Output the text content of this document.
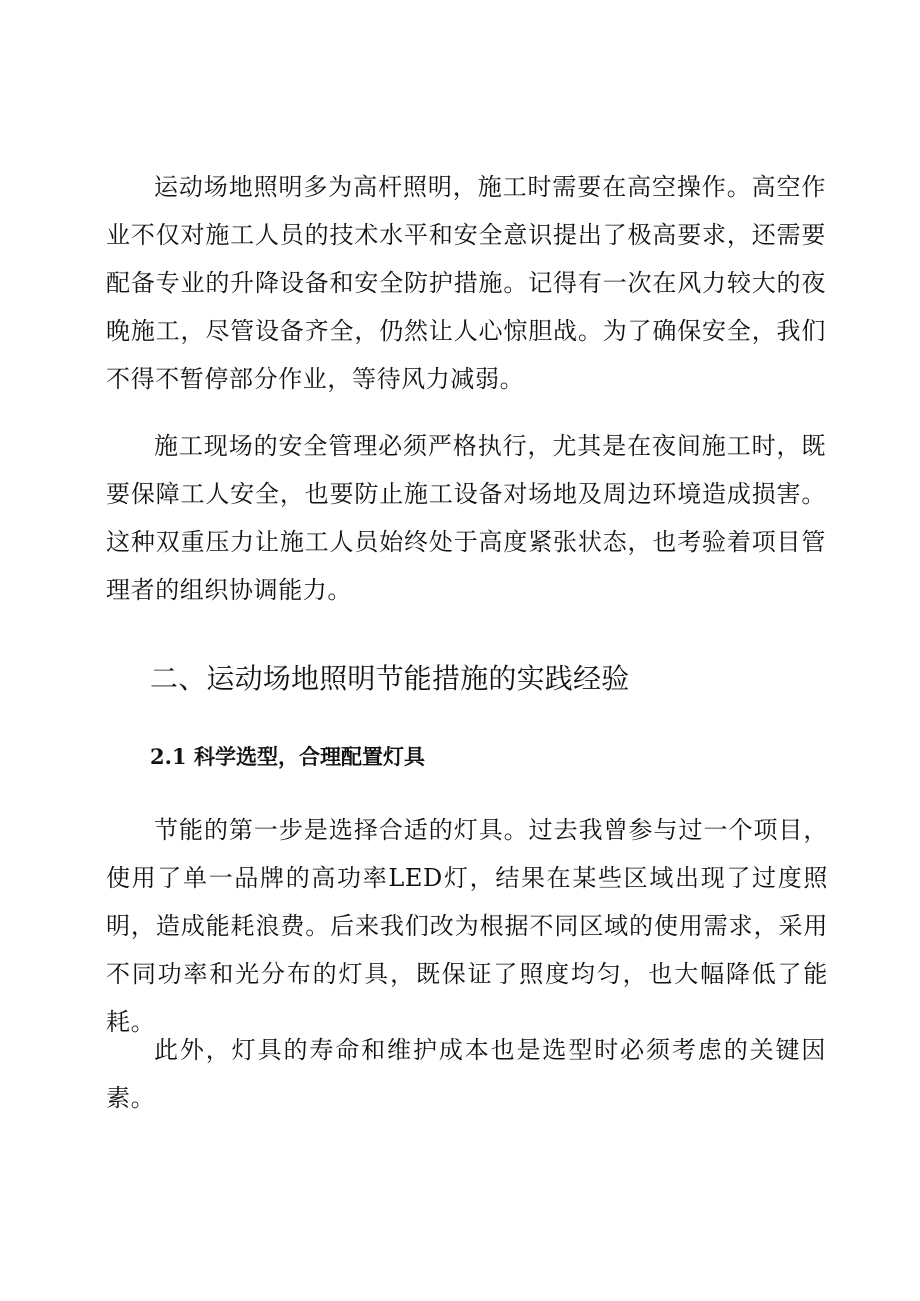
运动场地照明多为高杆照明，施工时需要在高空操作。高空作业不仅对施工人员的技术水平和安全意识提出了极高要求，还需要配备专业的升降设备和安全防护措施。记得有一次在风力较大的夜晚施工，尽管设备齐全，仍然让人心惊胆战。为了确保安全，我们不得不暂停部分作业，等待风力减弱。

施工现场的安全管理必须严格执行，尤其是在夜间施工时，既要保障工人安全，也要防止施工设备对场地及周边环境造成损害。这种双重压力让施工人员始终处于高度紧张状态，也考验着项目管理者的组织协调能力。

二、运动场地照明节能措施的实践经验
2.1 科学选型，合理配置灯具

节能的第一步是选择合适的灯具。过去我曾参与过一个项目，使用了单一品牌的高功率LED灯，结果在某些区域出现了过度照明，造成能耗浪费。后来我们改为根据不同区域的使用需求，采用不同功率和光分布的灯具，既保证了照度均匀，也大幅降低了能耗。

此外，灯具的寿命和维护成本也是选型时必须考虑的关键因素。
